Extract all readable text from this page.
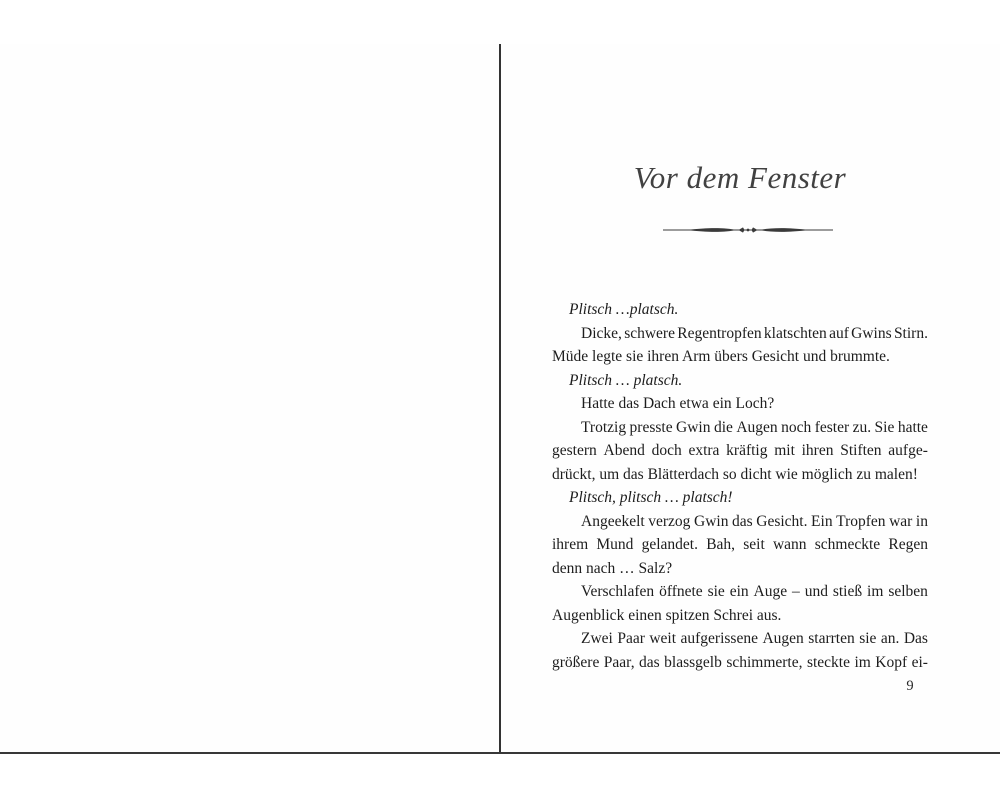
Vor dem Fenster
Plitsch …platsch.
Dicke, schwere Regentropfen klatschten auf Gwins Stirn.
Müde legte sie ihren Arm übers Gesicht und brummte.
Plitsch … platsch.
Hatte das Dach etwa ein Loch?
Trotzig presste Gwin die Augen noch fester zu. Sie hatte
gestern Abend doch extra kräftig mit ihren Stiften aufge-
drückt, um das Blätterdach so dicht wie möglich zu malen!
Plitsch, plitsch … platsch!
Angeekelt verzog Gwin das Gesicht. Ein Tropfen war in
ihrem Mund gelandet. Bah, seit wann schmeckte Regen
denn nach … Salz?
Verschlafen öffnete sie ein Auge – und stieß im selben
Augenblick einen spitzen Schrei aus.
Zwei Paar weit aufgerissene Augen starrten sie an. Das
größere Paar, das blassgelb schimmerte, steckte im Kopf ei-
9
